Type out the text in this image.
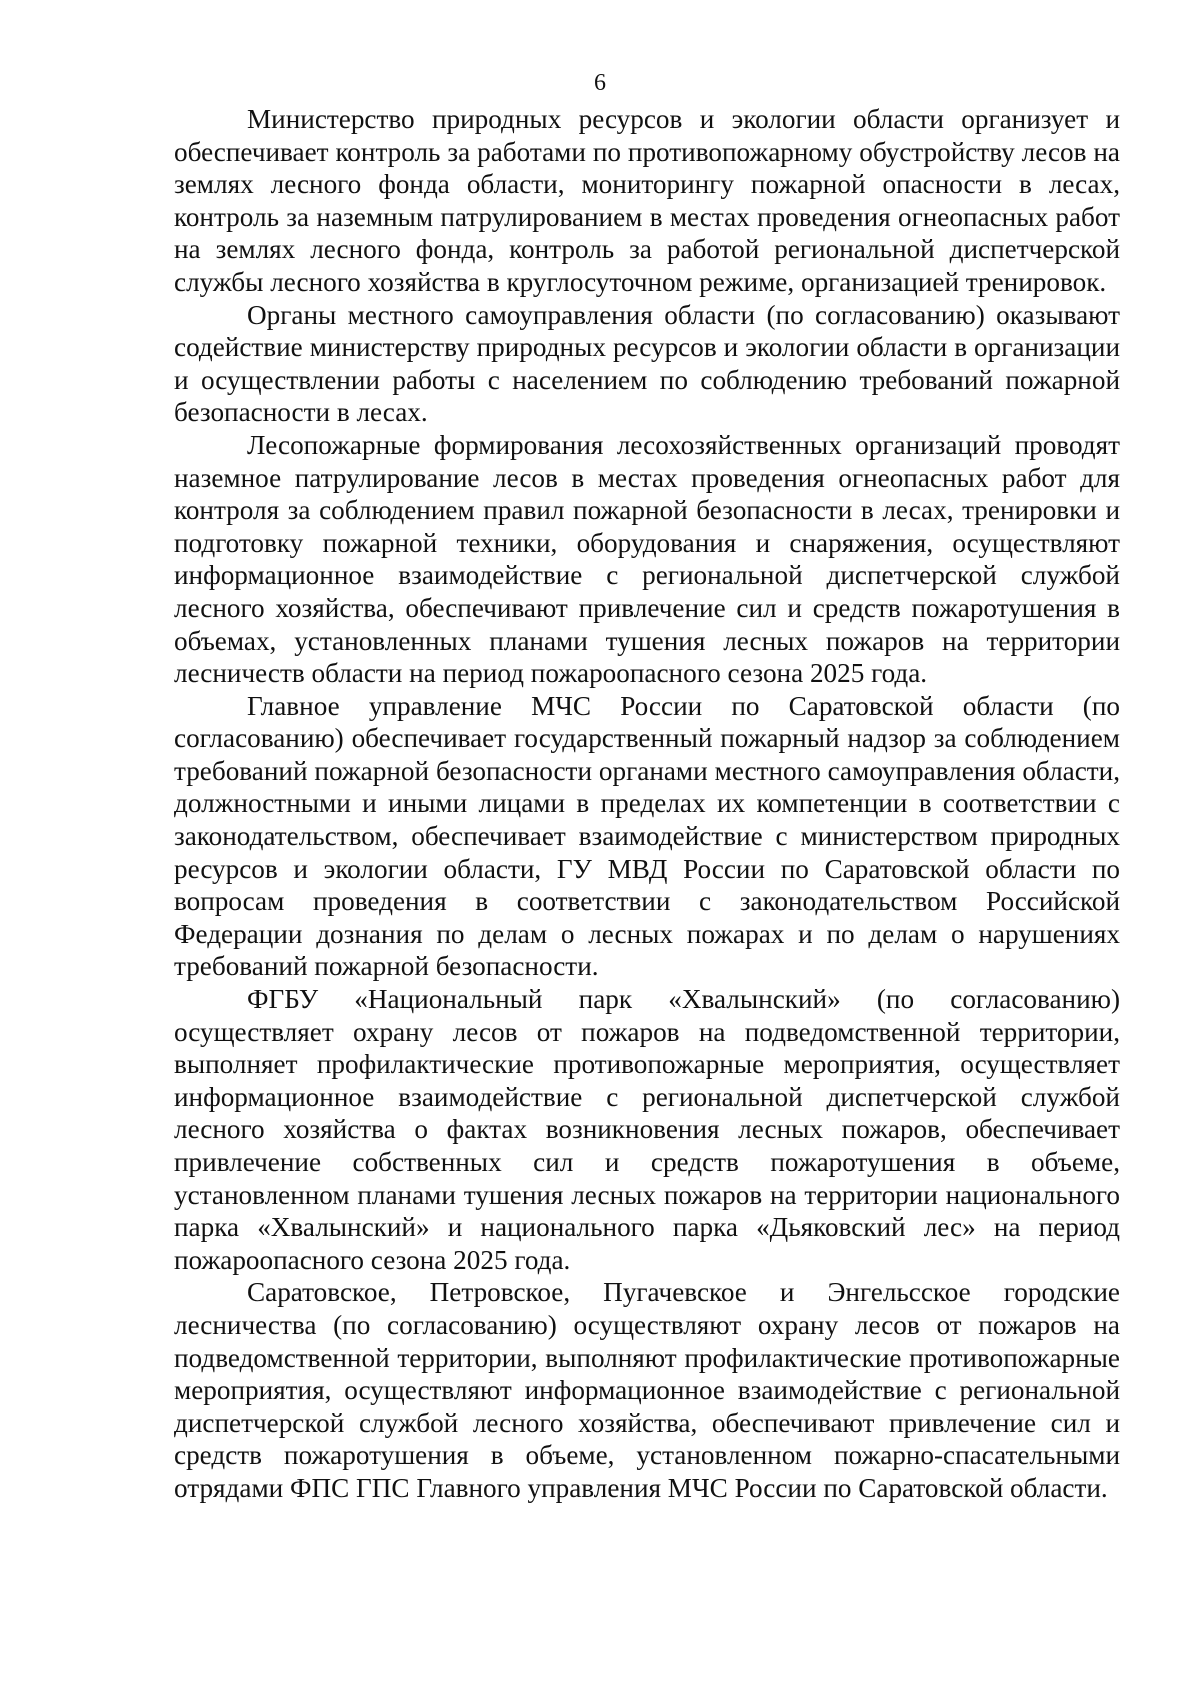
6

Министерство природных ресурсов и экологии области организует и обеспечивает контроль за работами по противопожарному обустройству лесов на землях лесного фонда области, мониторингу пожарной опасности в лесах, контроль за наземным патрулированием в местах проведения огнеопасных работ на землях лесного фонда, контроль за работой региональной диспетчерской службы лесного хозяйства в круглосуточном режиме, организацией тренировок.

Органы местного самоуправления области (по согласованию) оказывают содействие министерству природных ресурсов и экологии области в организации и осуществлении работы с населением по соблюдению требований пожарной безопасности в лесах.

Лесопожарные формирования лесохозяйственных организаций проводят наземное патрулирование лесов в местах проведения огнеопасных работ для контроля за соблюдением правил пожарной безопасности в лесах, тренировки и подготовку пожарной техники, оборудования и снаряжения, осуществляют информационное взаимодействие с региональной диспетчерской службой лесного хозяйства, обеспечивают привлечение сил и средств пожаротушения в объемах, установленных планами тушения лесных пожаров на территории лесничеств области на период пожароопасного сезона 2025 года.

Главное управление МЧС России по Саратовской области (по согласованию) обеспечивает государственный пожарный надзор за соблюдением требований пожарной безопасности органами местного самоуправления области, должностными и иными лицами в пределах их компетенции в соответствии с законодательством, обеспечивает взаимодействие с министерством природных ресурсов и экологии области, ГУ МВД России по Саратовской области по вопросам проведения в соответствии с законодательством Российской Федерации дознания по делам о лесных пожарах и по делам о нарушениях требований пожарной безопасности.

ФГБУ «Национальный парк «Хвалынский» (по согласованию) осуществляет охрану лесов от пожаров на подведомственной территории, выполняет профилактические противопожарные мероприятия, осуществляет информационное взаимодействие с региональной диспетчерской службой лесного хозяйства о фактах возникновения лесных пожаров, обеспечивает привлечение собственных сил и средств пожаротушения в объеме, установленном планами тушения лесных пожаров на территории национального парка «Хвалынский» и национального парка «Дьяковский лес» на период пожароопасного сезона 2025 года.

Саратовское, Петровское, Пугачевское и Энгельсское городские лесничества (по согласованию) осуществляют охрану лесов от пожаров на подведомственной территории, выполняют профилактические противопожарные мероприятия, осуществляют информационное взаимодействие с региональной диспетчерской службой лесного хозяйства, обеспечивают привлечение сил и средств пожаротушения в объеме, установленном пожарно-спасательными отрядами ФПС ГПС Главного управления МЧС России по Саратовской области.
